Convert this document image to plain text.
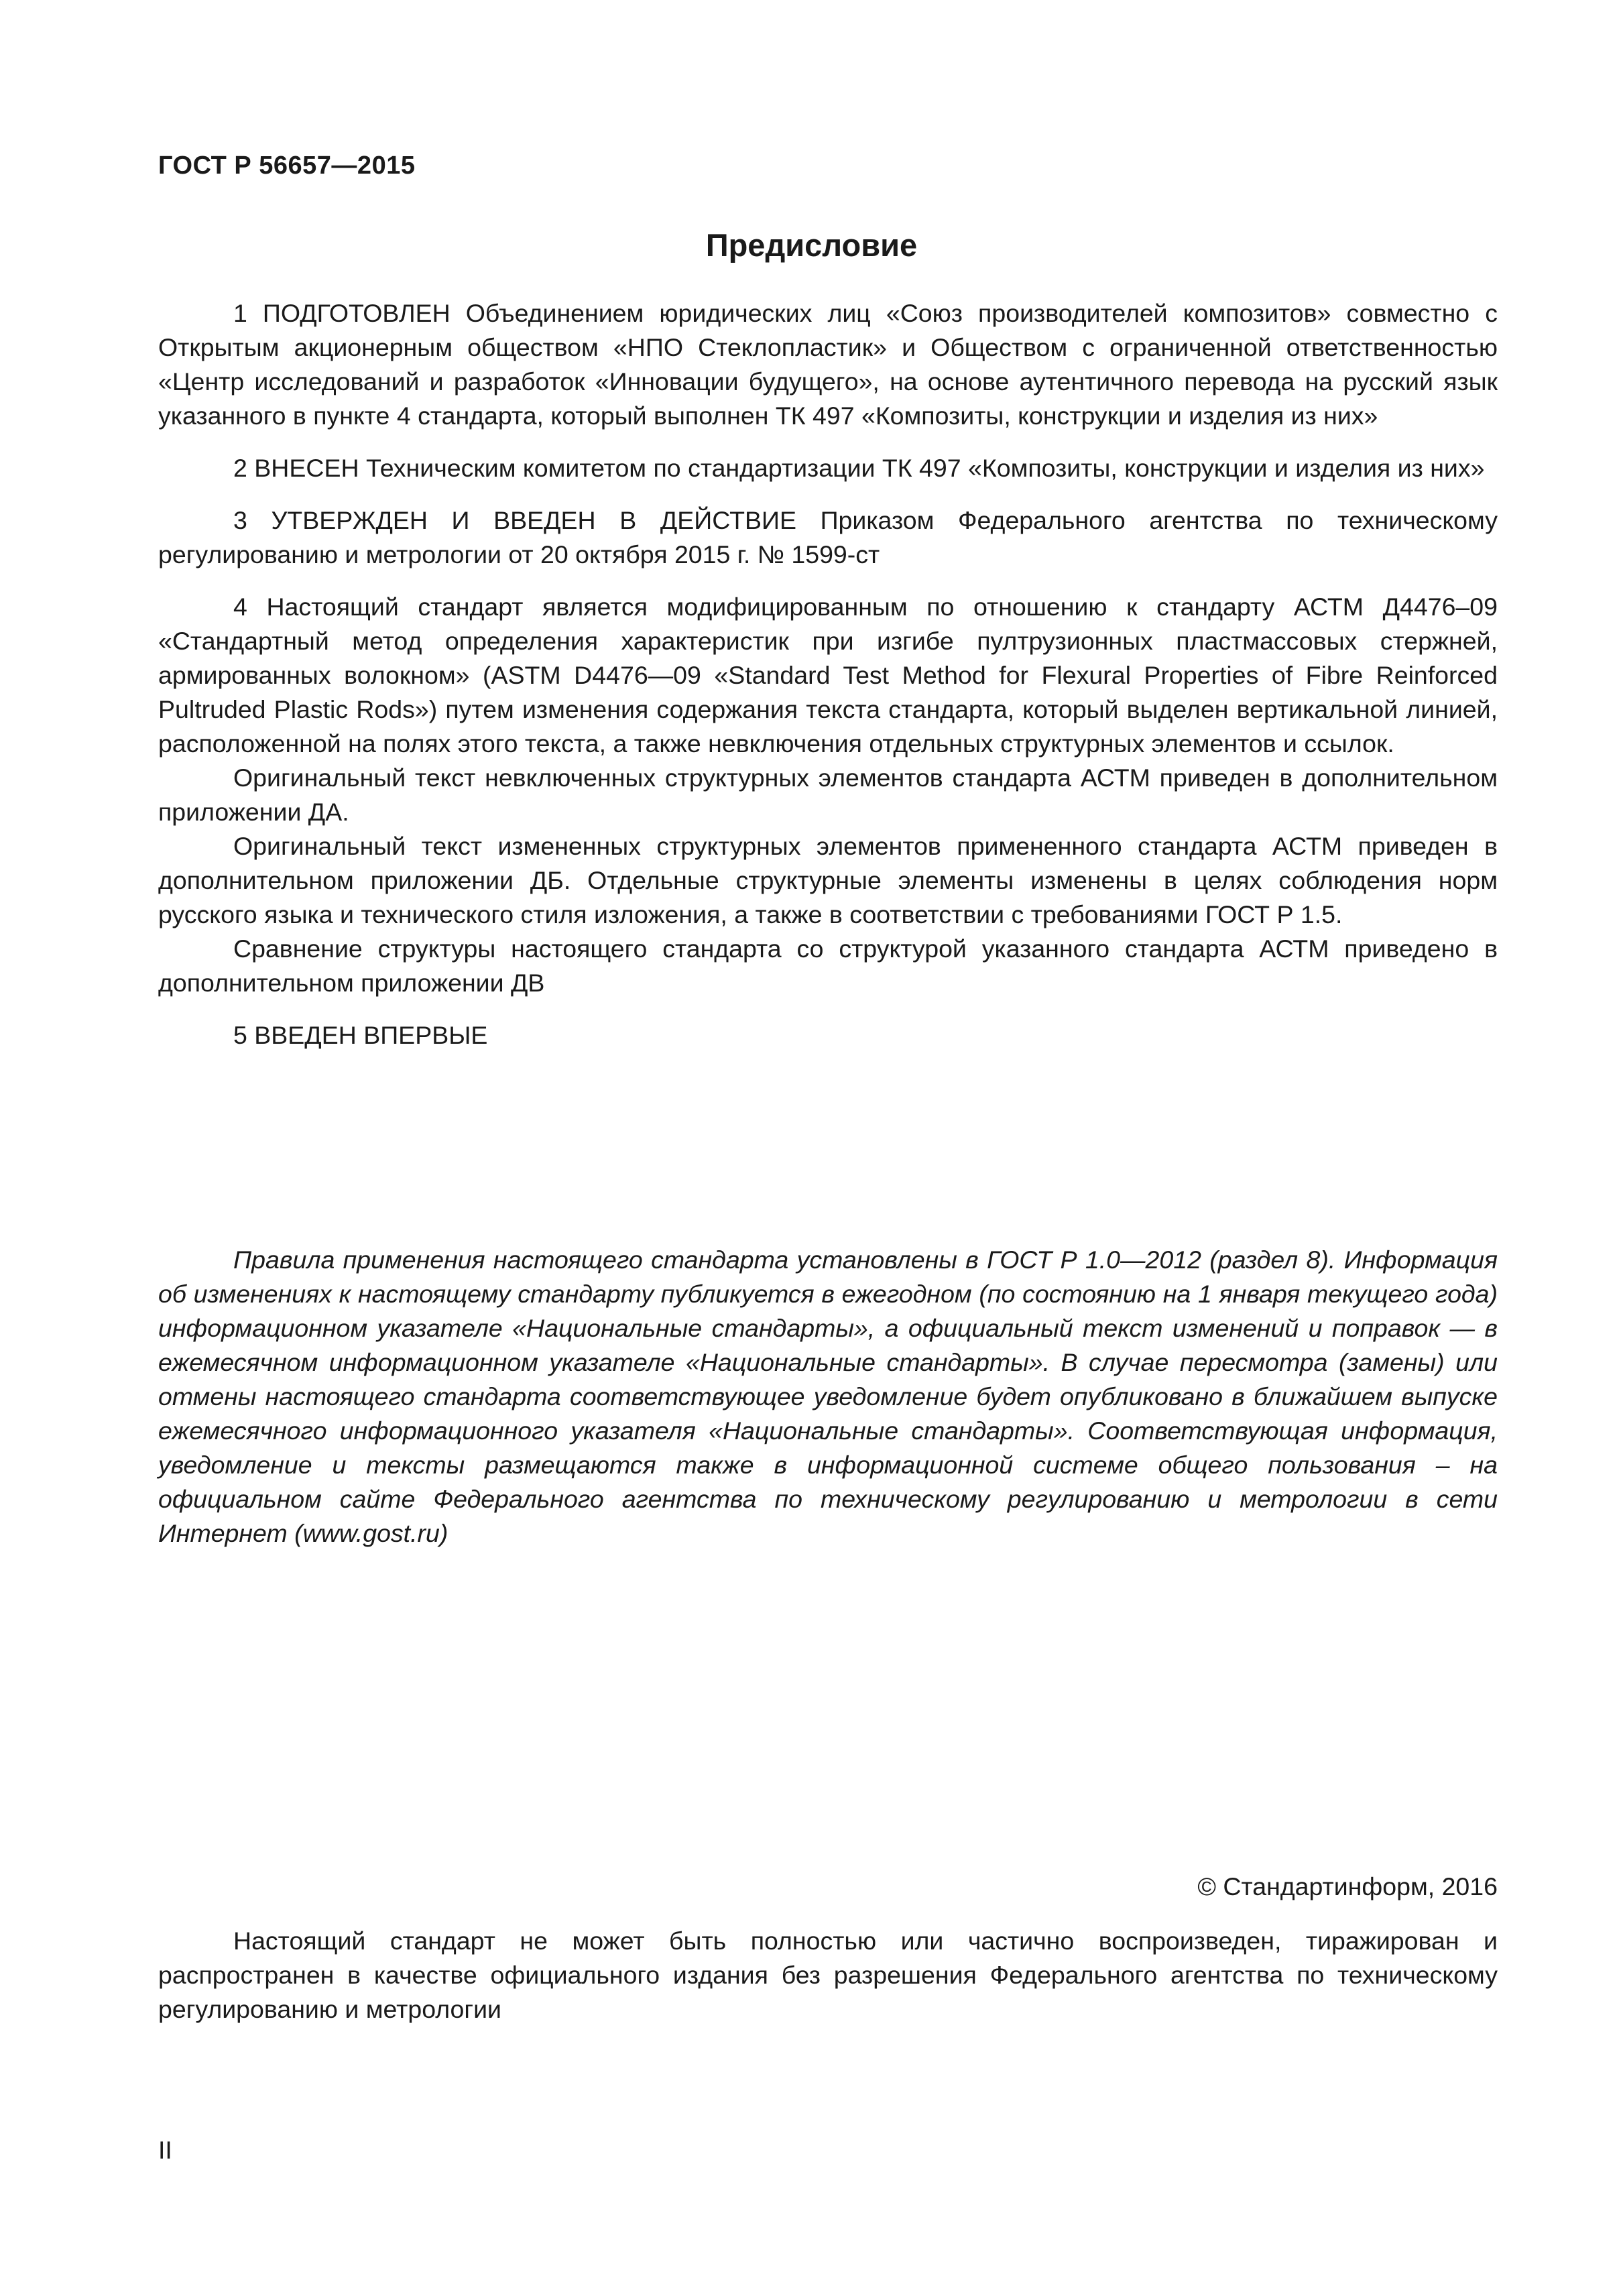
ГОСТ Р 56657—2015
Предисловие

1 ПОДГОТОВЛЕН Объединением юридических лиц «Союз производителей композитов» совместно с Открытым акционерным обществом «НПО Стеклопластик» и Обществом с ограниченной ответственностью «Центр исследований и разработок «Инновации будущего», на основе аутентичного перевода на русский язык указанного в пункте 4 стандарта, который выполнен ТК 497 «Композиты, конструкции и изделия из них»

2 ВНЕСЕН Техническим комитетом по стандартизации ТК 497 «Композиты, конструкции и изделия из них»

3 УТВЕРЖДЕН И ВВЕДЕН В ДЕЙСТВИЕ Приказом Федерального агентства по техническому регулированию и метрологии от 20 октября 2015 г. № 1599-ст

4 Настоящий стандарт является модифицированным по отношению к стандарту АСТМ Д4476–09 «Стандартный метод определения характеристик при изгибе пултрузионных пластмассовых стержней, армированных волокном» (ASTM D4476—09 «Standard Test Method for Flexural Properties of Fibre Reinforced Pultruded Plastic Rods») путем изменения содержания текста стандарта, который выделен вертикальной линией, расположенной на полях этого текста, а также невключения отдельных структурных элементов и ссылок.

Оригинальный текст невключенных структурных элементов стандарта АСТМ приведен в дополнительном приложении ДА.

Оригинальный текст измененных структурных элементов примененного стандарта АСТМ приведен в дополнительном приложении ДБ. Отдельные структурные элементы изменены в целях соблюдения норм русского языка и технического стиля изложения, а также в соответствии с требованиями ГОСТ Р 1.5.

Сравнение структуры настоящего стандарта со структурой указанного стандарта АСТМ приведено в дополнительном приложении ДВ

5 ВВЕДЕН ВПЕРВЫЕ

Правила применения настоящего стандарта установлены в ГОСТ Р 1.0—2012 (раздел 8). Информация об изменениях к настоящему стандарту публикуется в ежегодном (по состоянию на 1 января текущего года) информационном указателе «Национальные стандарты», а официальный текст изменений и поправок — в ежемесячном информационном указателе «Национальные стандарты». В случае пересмотра (замены) или отмены настоящего стандарта соответствующее уведомление будет опубликовано в ближайшем выпуске ежемесячного информационного указателя «Национальные стандарты». Соответствующая информация, уведомление и тексты размещаются также в информационной системе общего пользования – на официальном сайте Федерального агентства по техническому регулированию и метрологии в сети Интернет (www.gost.ru)

© Стандартинформ, 2016

Настоящий стандарт не может быть полностью или частично воспроизведен, тиражирован и распространен в качестве официального издания без разрешения Федерального агентства по техническому регулированию и метрологии

II
